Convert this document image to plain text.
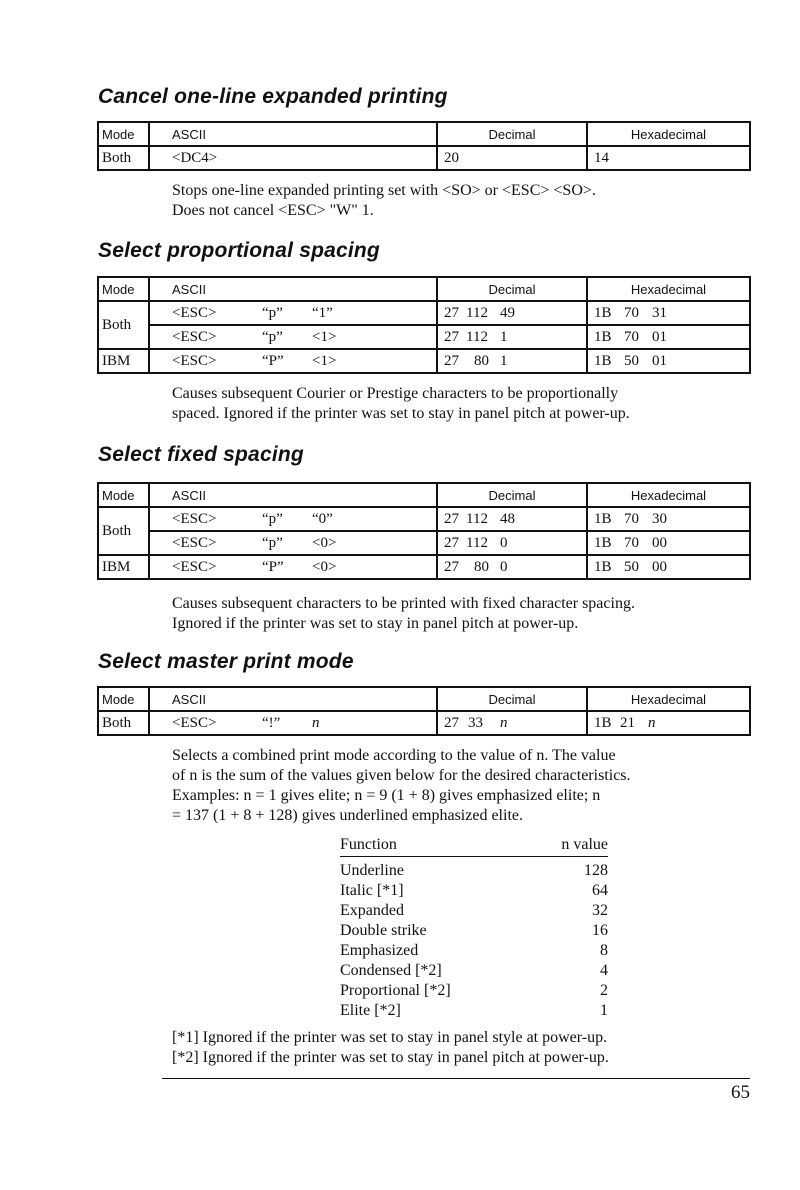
Cancel one-line expanded printing
Mode	ASCII	Decimal	Hexadecimal
Both	<DC4>	20	14
Stops one-line expanded printing set with <SO> or <ESC> <SO>.
Does not cancel <ESC> "W" 1.
Select proportional spacing
Mode	ASCII	Decimal	Hexadecimal
Both	<ESC> “p” “1”	27 112 49	1B 70 31
	<ESC> “p” <1>	27 112 1	1B 70 01
IBM	<ESC> “P” <1>	27 80 1	1B 50 01
Causes subsequent Courier or Prestige characters to be proportionally
spaced. Ignored if the printer was set to stay in panel pitch at power-up.
Select fixed spacing
Mode	ASCII	Decimal	Hexadecimal
Both	<ESC> “p” “0”	27 112 48	1B 70 30
	<ESC> “p” <0>	27 112 0	1B 70 00
IBM	<ESC> “P” <0>	27 80 0	1B 50 00
Causes subsequent characters to be printed with fixed character spacing.
Ignored if the printer was set to stay in panel pitch at power-up.
Select master print mode
Mode	ASCII	Decimal	Hexadecimal
Both	<ESC> “!” n	27 33 n	1B 21 n
Selects a combined print mode according to the value of n. The value
of n is the sum of the values given below for the desired characteristics.
Examples: n = 1 gives elite; n = 9 (1 + 8) gives emphasized elite; n
= 137 (1 + 8 + 128) gives underlined emphasized elite.
Function	n value
Underline	128
Italic [*1]	64
Expanded	32
Double strike	16
Emphasized	8
Condensed [*2]	4
Proportional [*2]	2
Elite [*2]	1
[*1] Ignored if the printer was set to stay in panel style at power-up.
[*2] Ignored if the printer was set to stay in panel pitch at power-up.
65
